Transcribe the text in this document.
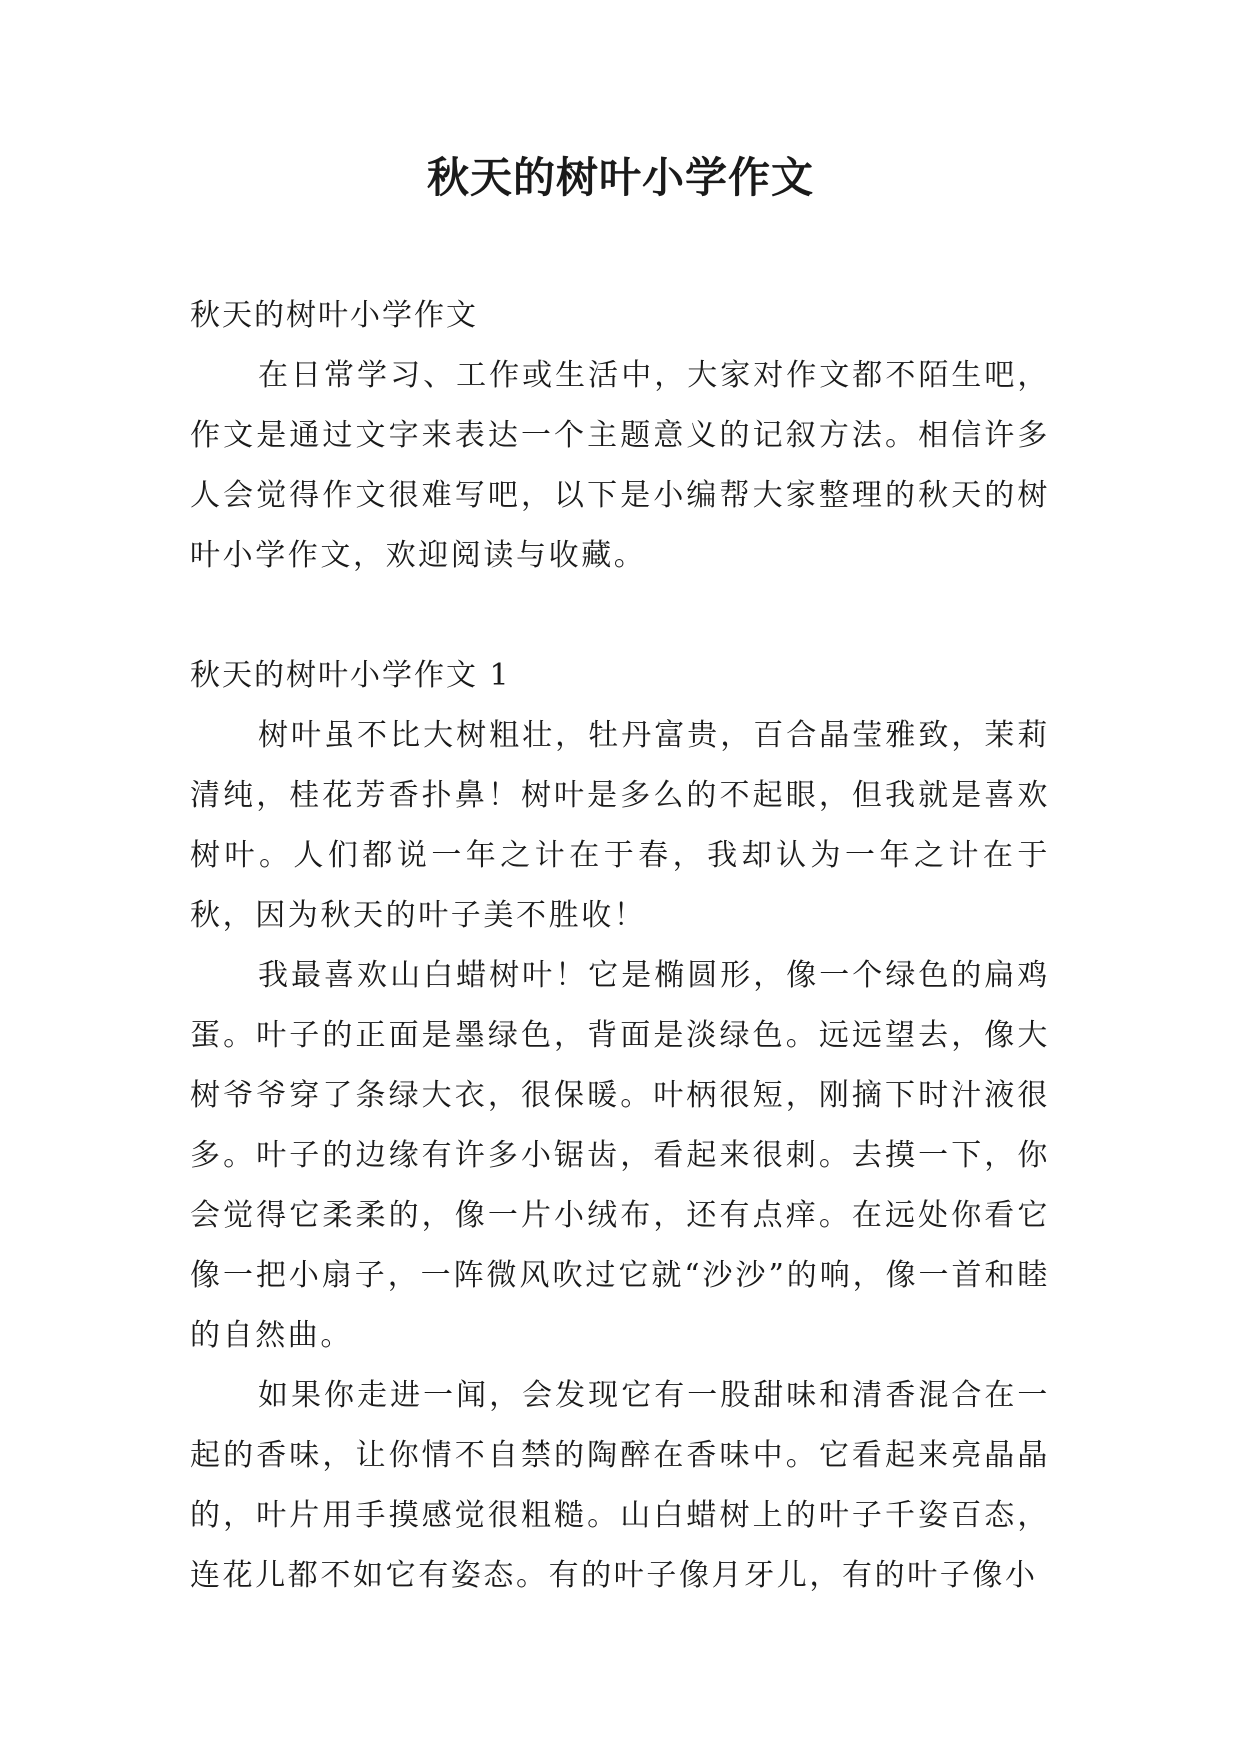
秋天的树叶小学作文

秋天的树叶小学作文

在日常学习、工作或生活中，大家对作文都不陌生吧，作文是通过文字来表达一个主题意义的记叙方法。相信许多人会觉得作文很难写吧，以下是小编帮大家整理的秋天的树叶小学作文，欢迎阅读与收藏。

秋天的树叶小学作文 1

树叶虽不比大树粗壮，牡丹富贵，百合晶莹雅致，茉莉清纯，桂花芳香扑鼻！树叶是多么的不起眼，但我就是喜欢树叶。人们都说一年之计在于春，我却认为一年之计在于秋，因为秋天的叶子美不胜收！

我最喜欢山白蜡树叶！它是椭圆形，像一个绿色的扁鸡蛋。叶子的正面是墨绿色，背面是淡绿色。远远望去，像大树爷爷穿了条绿大衣，很保暖。叶柄很短，刚摘下时汁液很多。叶子的边缘有许多小锯齿，看起来很刺。去摸一下，你会觉得它柔柔的，像一片小绒布，还有点痒。在远处你看它像一把小扇子，一阵微风吹过它就“沙沙”的响，像一首和睦的自然曲。

如果你走进一闻，会发现它有一股甜味和清香混合在一起的香味，让你情不自禁的陶醉在香味中。它看起来亮晶晶的，叶片用手摸感觉很粗糙。山白蜡树上的叶子千姿百态，连花儿都不如它有姿态。有的叶子像月牙儿，有的叶子像小
